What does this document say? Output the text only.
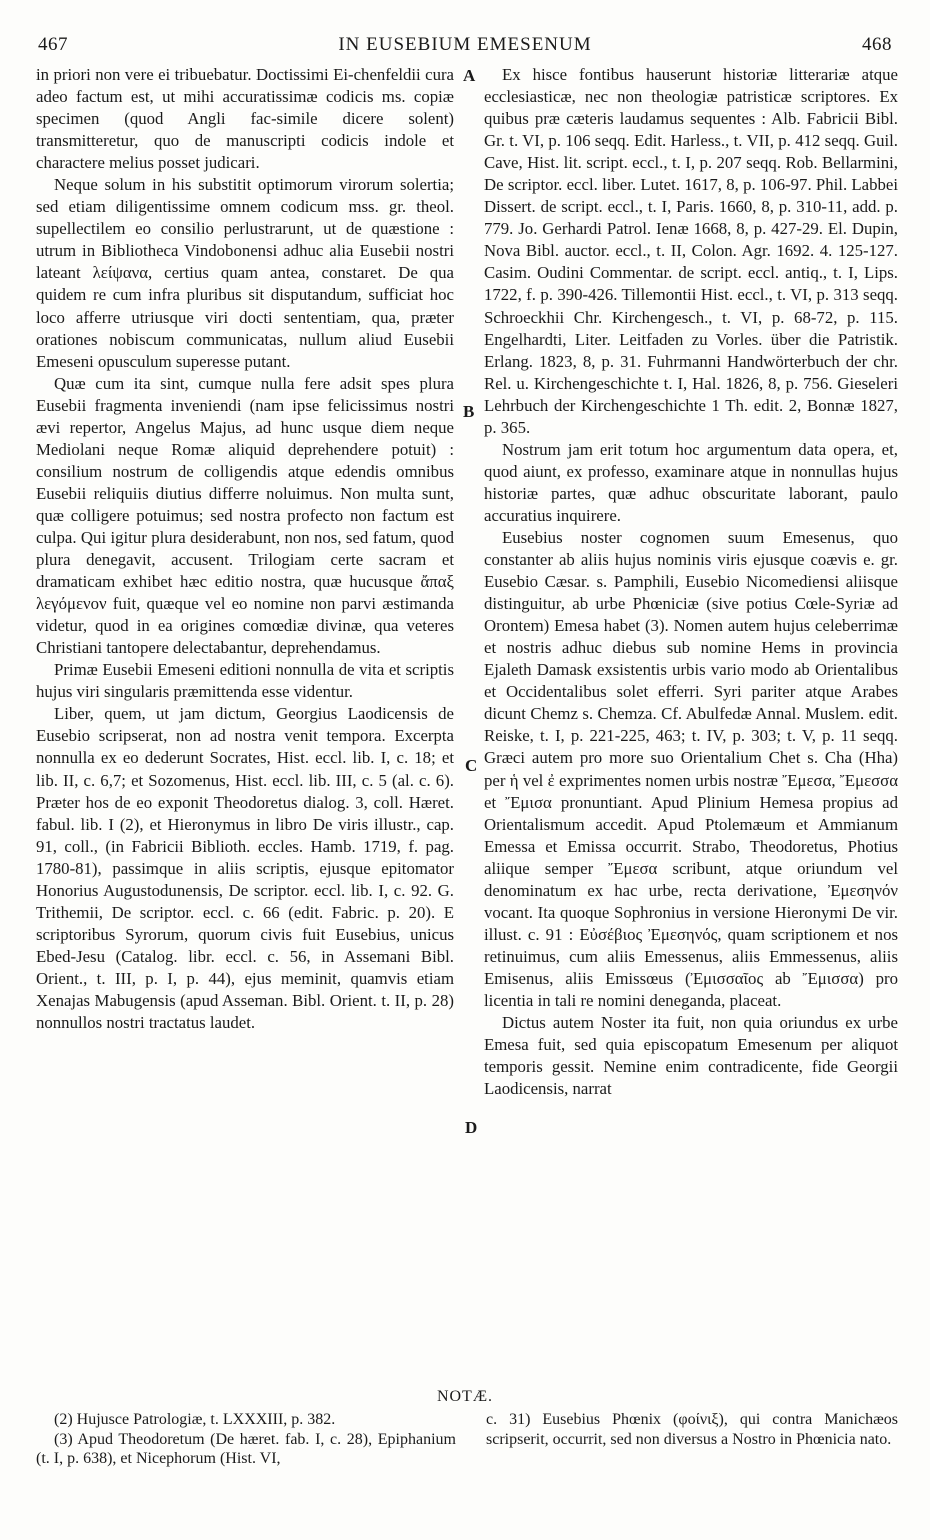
467	IN EUSEBIUM EMESENUM	468

in priori non vere ei tribuebatur. Doctissimi Ei-chenfeldii cura adeo factum est, ut mihi accuratissimæ codicis ms. copiæ specimen (quod Angli fac-simile dicere solent) transmitteretur, quo de manuscripti codicis indole et charactere melius posset judicari.

Neque solum in his substitit optimorum virorum solertia; sed etiam diligentissime omnem codicum mss. gr. theol. supellectilem eo consilio perlustrarunt, ut de quæstione : utrum in Bibliotheca Vindobonensi adhuc alia Eusebii nostri lateant λείψανα, certius quam antea, constaret. De qua quidem re cum infra pluribus sit disputandum, sufficiat hoc loco afferre utriusque viri docti sententiam, qua, præter orationes nobiscum communicatas, nullum aliud Eusebii Emeseni opusculum superesse putant.

Quæ cum ita sint, cumque nulla fere adsit spes plura Eusebii fragmenta inveniendi (nam ipse felicissimus nostri ævi repertor, Angelus Majus, ad hunc usque diem neque Mediolani neque Romæ aliquid deprehendere potuit) : consilium nostrum de colligendis atque edendis omnibus Eusebii reliquiis diutius differre noluimus. Non multa sunt, quæ colligere potuimus; sed nostra profecto non factum est culpa. Qui igitur plura desiderabunt, non nos, sed fatum, quod plura denegavit, accusent. Trilogiam certe sacram et dramaticam exhibet hæc editio nostra, quæ hucusque ἄπαξ λεγόμενον fuit, quæque vel eo nomine non parvi æstimanda videtur, quod in ea origines comœdiæ divinæ, qua veteres Christiani tantopere delectabantur, deprehendamus.

Primæ Eusebii Emeseni editioni nonnulla de vita et scriptis hujus viri singularis præmittenda esse videntur.

Liber, quem, ut jam dictum, Georgius Laodicensis de Eusebio scripserat, non ad nostra venit tempora. Excerpta nonnulla ex eo dederunt Socrates, Hist. eccl. lib. I, c. 18; et lib. II, c. 6,7; et Sozomenus, Hist. eccl. lib. III, c. 5 (al. c. 6). Præter hos de eo exponit Theodoretus dialog. 3, coll. Hæret. fabul. lib. I (2), et Hieronymus in libro De viris illustr., cap. 91, coll., (in Fabricii Biblioth. eccles. Hamb. 1719, f. pag. 1780-81), passimque in aliis scriptis, ejusque epitomator Honorius Augustodunensis, De scriptor. eccl. lib. I, c. 92. G. Trithemii, De scriptor. eccl. c. 66 (edit. Fabric. p. 20). E scriptoribus Syrorum, quorum civis fuit Eusebius, unicus Ebed-Jesu (Catalog. libr. eccl. c. 56, in Assemani Bibl. Orient., t. III, p. I, p. 44), ejus meminit, quamvis etiam Xenajas Mabugensis (apud Asseman. Bibl. Orient. t. II, p. 28) nonnullos nostri tractatus laudet.

A
B
C
D

Ex hisce fontibus hauserunt historiæ litterariæ atque ecclesiasticæ, nec non theologiæ patristicæ scriptores. Ex quibus præ cæteris laudamus sequentes : Alb. Fabricii Bibl. Gr. t. VI, p. 106 seqq. Edit. Harless., t. VII, p. 412 seqq. Guil. Cave, Hist. lit. script. eccl., t. I, p. 207 seqq. Rob. Bellarmini, De scriptor. eccl. liber. Lutet. 1617, 8, p. 106-97. Phil. Labbei Dissert. de script. eccl., t. I, Paris. 1660, 8, p. 310-11, add. p. 779. Jo. Gerhardi Patrol. Ienæ 1668, 8, p. 427-29. El. Dupin, Nova Bibl. auctor. eccl., t. II, Colon. Agr. 1692. 4. 125-127. Casim. Oudini Commentar. de script. eccl. antiq., t. I, Lips. 1722, f. p. 390-426. Tillemontii Hist. eccl., t. VI, p. 313 seqq. Schroeckhii Chr. Kirchengesch., t. VI, p. 68-72, p. 115. Engelhardti, Liter. Leitfaden zu Vorles. über die Patristik. Erlang. 1823, 8, p. 31. Fuhrmanni Handwörterbuch der chr. Rel. u. Kirchengeschichte t. I, Hal. 1826, 8, p. 756. Gieseleri Lehrbuch der Kirchengeschichte 1 Th. edit. 2, Bonnæ 1827, p. 365.

Nostrum jam erit totum hoc argumentum data opera, et, quod aiunt, ex professo, examinare atque in nonnullas hujus historiæ partes, quæ adhuc obscuritate laborant, paulo accuratius inquirere.

Eusebius noster cognomen suum Emesenus, quo constanter ab aliis hujus nominis viris ejusque coævis e. gr. Eusebio Cæsar. s. Pamphili, Eusebio Nicomediensi aliisque distinguitur, ab urbe Phœniciæ (sive potius Cœle-Syriæ ad Orontem) Emesa habet (3). Nomen autem hujus celeberrimæ et nostris adhuc diebus sub nomine Hems in provincia Ejaleth Damask exsistentis urbis vario modo ab Orientalibus et Occidentalibus solet efferri. Syri pariter atque Arabes dicunt Chemz s. Chemza. Cf. Abulfedæ Annal. Muslem. edit. Reiske, t. I, p. 221-225, 463; t. IV, p. 303; t. V, p. 11 seqq. Græci autem pro more suo Orientalium Chet s. Cha (Hha) per ἡ vel ἐ exprimentes nomen urbis nostræ Ἔμεσα, Ἔμεσσα et Ἔμισα pronuntiant. Apud Plinium Hemesa propius ad Orientalismum accedit. Apud Ptolemæum et Ammianum Emessa et Emissa occurrit. Strabo, Theodoretus, Photius aliique semper Ἔμεσα scribunt, atque oriundum vel denominatum ex hac urbe, recta derivatione, Ἐμεσηνόν vocant. Ita quoque Sophronius in versione Hieronymi De vir. illust. c. 91 : Εὐσέβιος Ἐμεσηνός, quam scriptionem et nos retinuimus, cum aliis Emessenus, aliis Emmessenus, aliis Emisenus, aliis Emissœus (Ἐμισσαῖος ab Ἔμισσα) pro licentia in tali re nomini deneganda, placeat.

Dictus autem Noster ita fuit, non quia oriundus ex urbe Emesa fuit, sed quia episcopatum Emesenum per aliquot temporis gessit. Nemine enim contradicente, fide Georgii Laodicensis, narrat

NOTÆ.

(2) Hujusce Patrologiæ, t. LXXXIII, p. 382.

(3) Apud Theodoretum (De hæret. fab. I, c. 28), Epiphanium (t. I, p. 638), et Nicephorum (Hist. VI,

c. 31) Eusebius Phœnix (φοίνιξ), qui contra Manichæos scripserit, occurrit, sed non diversus a Nostro in Phœnicia nato.
